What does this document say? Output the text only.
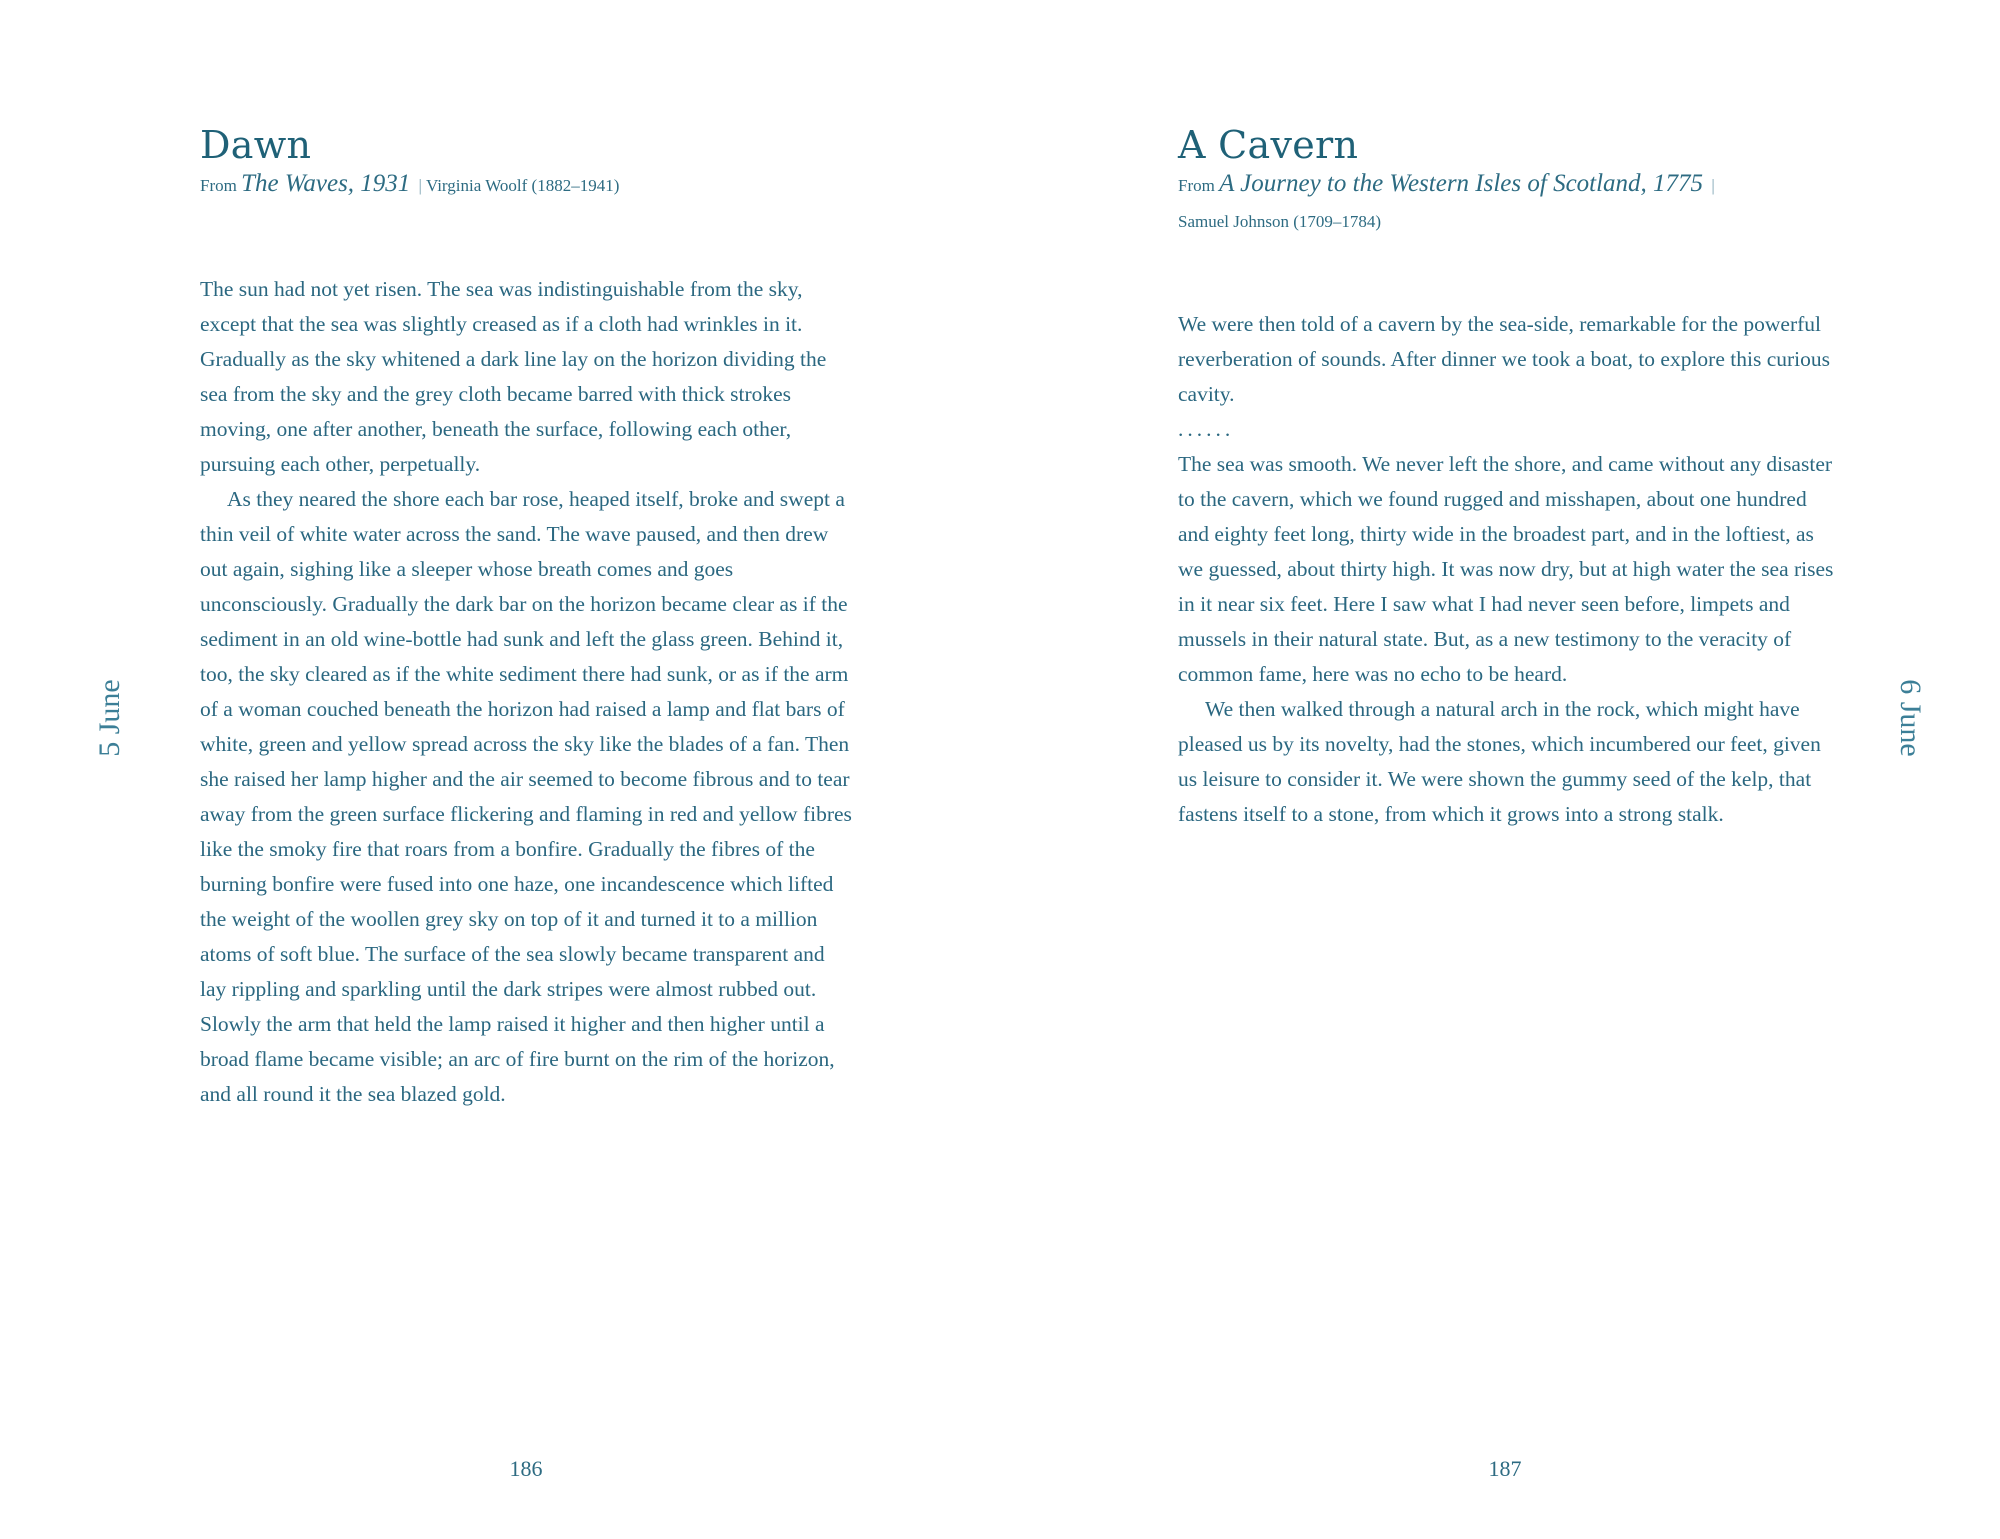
Dawn
From The Waves, 1931 | Virginia Woolf (1882–1941)

The sun had not yet risen. The sea was indistinguishable from the sky, except that the sea was slightly creased as if a cloth had wrinkles in it. Gradually as the sky whitened a dark line lay on the horizon dividing the sea from the sky and the grey cloth became barred with thick strokes moving, one after another, beneath the surface, following each other, pursuing each other, perpetually.

As they neared the shore each bar rose, heaped itself, broke and swept a thin veil of white water across the sand. The wave paused, and then drew out again, sighing like a sleeper whose breath comes and goes unconsciously. Gradually the dark bar on the horizon became clear as if the sediment in an old wine-bottle had sunk and left the glass green. Behind it, too, the sky cleared as if the white sediment there had sunk, or as if the arm of a woman couched beneath the horizon had raised a lamp and flat bars of white, green and yellow spread across the sky like the blades of a fan. Then she raised her lamp higher and the air seemed to become fibrous and to tear away from the green surface flickering and flaming in red and yellow fibres like the smoky fire that roars from a bonfire. Gradually the fibres of the burning bonfire were fused into one haze, one incandescence which lifted the weight of the woollen grey sky on top of it and turned it to a million atoms of soft blue. The surface of the sea slowly became transparent and lay rippling and sparkling until the dark stripes were almost rubbed out. Slowly the arm that held the lamp raised it higher and then higher until a broad flame became visible; an arc of fire burnt on the rim of the horizon, and all round it the sea blazed gold.

5 June
186
A Cavern
From A Journey to the Western Isles of Scotland, 1775 |
Samuel Johnson (1709–1784)

We were then told of a cavern by the sea-side, remarkable for the powerful reverberation of sounds. After dinner we took a boat, to explore this curious cavity.

......

The sea was smooth. We never left the shore, and came without any disaster to the cavern, which we found rugged and misshapen, about one hundred and eighty feet long, thirty wide in the broadest part, and in the loftiest, as we guessed, about thirty high. It was now dry, but at high water the sea rises in it near six feet. Here I saw what I had never seen before, limpets and mussels in their natural state. But, as a new testimony to the veracity of common fame, here was no echo to be heard.

We then walked through a natural arch in the rock, which might have pleased us by its novelty, had the stones, which incumbered our feet, given us leisure to consider it. We were shown the gummy seed of the kelp, that fastens itself to a stone, from which it grows into a strong stalk.

6 June
187
